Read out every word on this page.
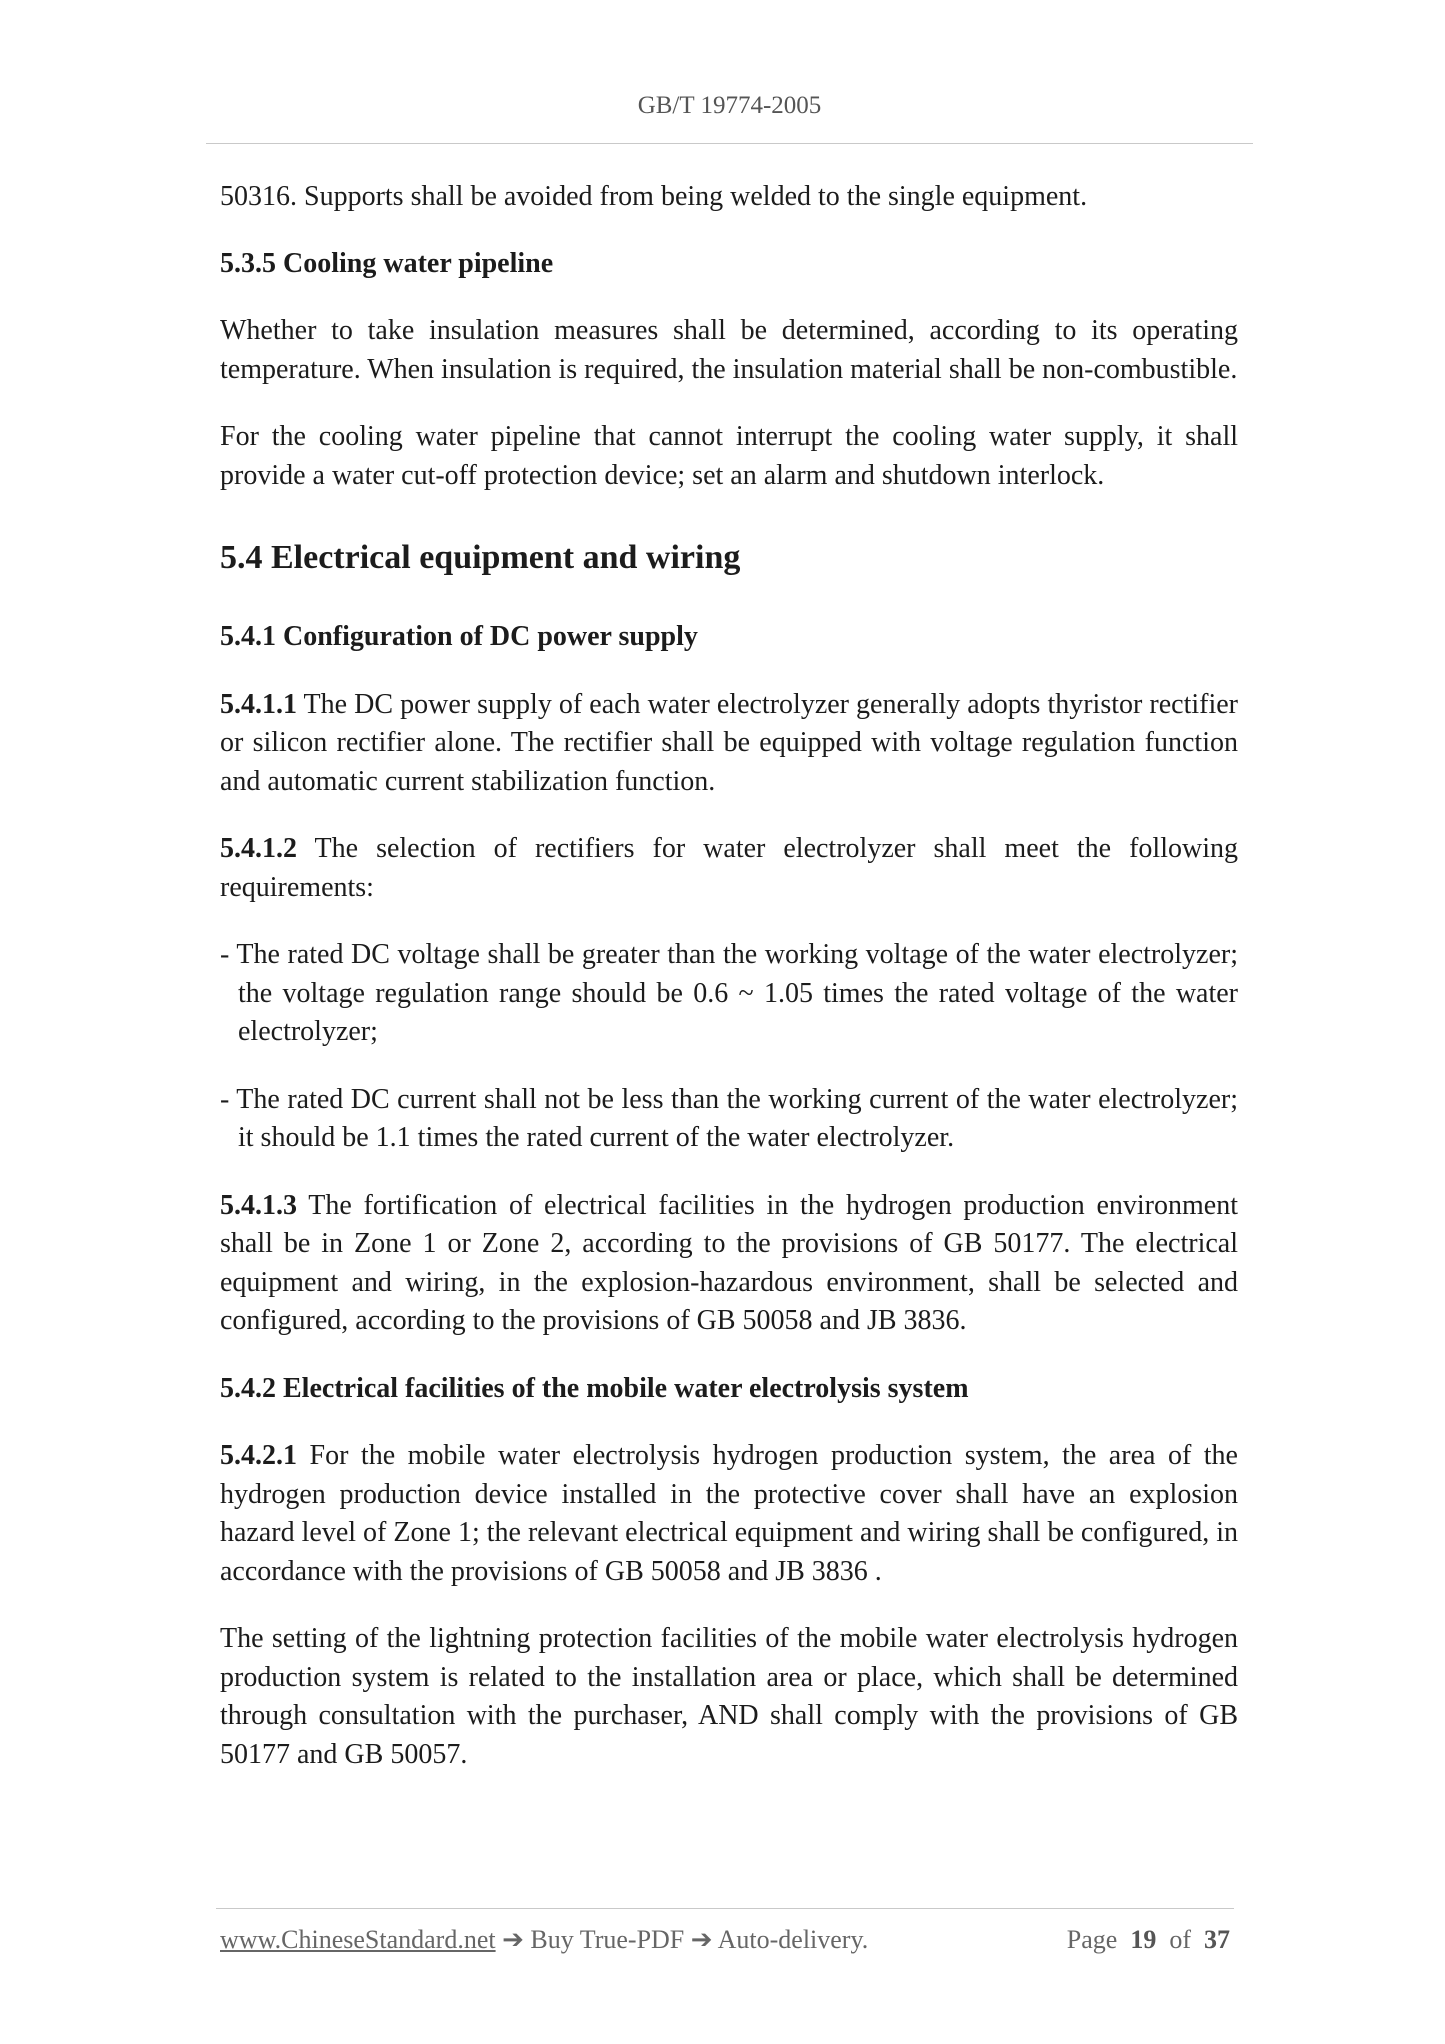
GB/T 19774-2005

50316. Supports shall be avoided from being welded to the single equipment.

5.3.5 Cooling water pipeline

Whether to take insulation measures shall be determined, according to its operating temperature. When insulation is required, the insulation material shall be non-combustible.

For the cooling water pipeline that cannot interrupt the cooling water supply, it shall provide a water cut-off protection device; set an alarm and shutdown interlock.

5.4 Electrical equipment and wiring

5.4.1 Configuration of DC power supply

5.4.1.1 The DC power supply of each water electrolyzer generally adopts thyristor rectifier or silicon rectifier alone. The rectifier shall be equipped with voltage regulation function and automatic current stabilization function.

5.4.1.2 The selection of rectifiers for water electrolyzer shall meet the following requirements:

- The rated DC voltage shall be greater than the working voltage of the water electrolyzer; the voltage regulation range should be 0.6 ~ 1.05 times the rated voltage of the water electrolyzer;

- The rated DC current shall not be less than the working current of the water electrolyzer; it should be 1.1 times the rated current of the water electrolyzer.

5.4.1.3 The fortification of electrical facilities in the hydrogen production environment shall be in Zone 1 or Zone 2, according to the provisions of GB 50177. The electrical equipment and wiring, in the explosion-hazardous environment, shall be selected and configured, according to the provisions of GB 50058 and JB 3836.

5.4.2 Electrical facilities of the mobile water electrolysis system

5.4.2.1 For the mobile water electrolysis hydrogen production system, the area of the hydrogen production device installed in the protective cover shall have an explosion hazard level of Zone 1; the relevant electrical equipment and wiring shall be configured, in accordance with the provisions of GB 50058 and JB 3836 .

The setting of the lightning protection facilities of the mobile water electrolysis hydrogen production system is related to the installation area or place, which shall be determined through consultation with the purchaser, AND shall comply with the provisions of GB 50177 and GB 50057.

www.ChineseStandard.net ➔ Buy True-PDF ➔ Auto-delivery.	Page 19 of 37
